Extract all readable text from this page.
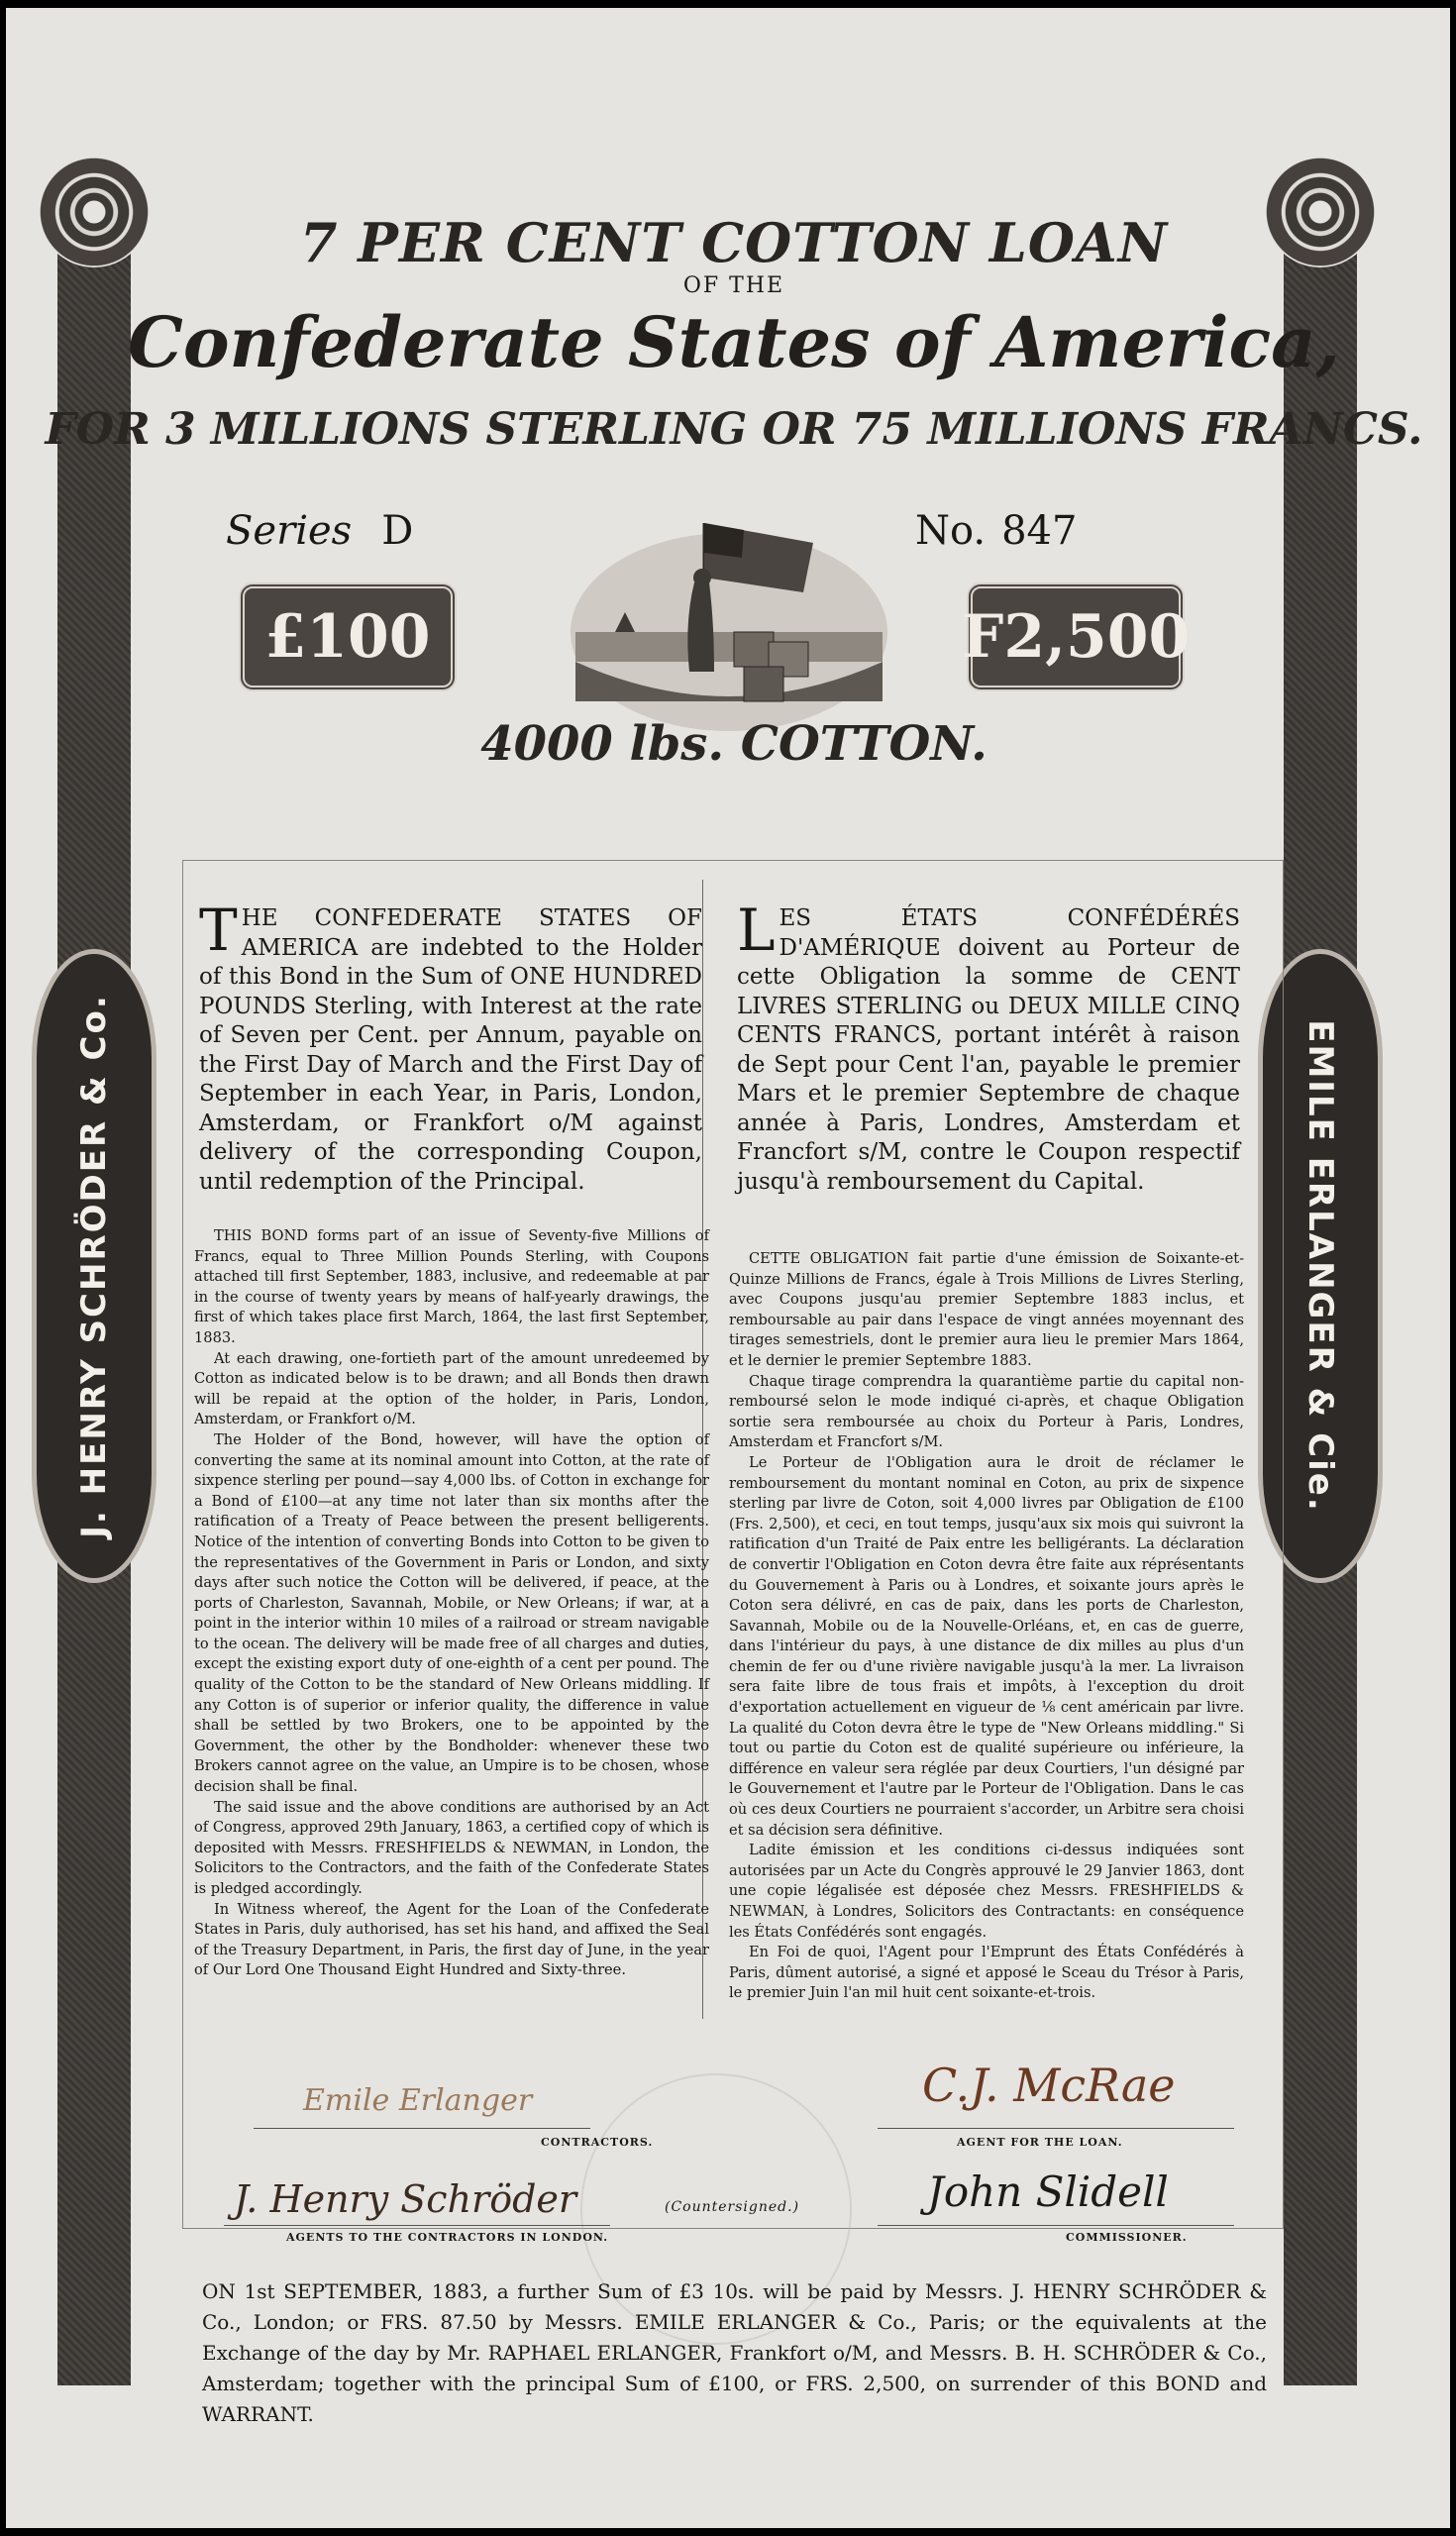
J. HENRY SCHRÖDER & Co.	EMILE ERLANGER & Cie.
7 PER CENT COTTON LOAN
OF THE
Confederate States of America,
FOR 3 MILLIONS STERLING OR 75 MILLIONS FRANCS.
Series D	No. 847
£100	F2,500
4000 lbs. COTTON.
THE CONFEDERATE STATES OF AMERICA are indebted to the Holder of this Bond in the Sum of ONE HUNDRED POUNDS Sterling, with Interest at the rate of Seven per Cent. per Annum, payable on the First Day of March and the First Day of September in each Year, in Paris, London, Amsterdam, or Frankfort o/M against delivery of the corresponding Coupon, until redemption of the Principal.
LES ÉTATS CONFÉDÉRÉS D'AMÉRIQUE doivent au Porteur de cette Obligation la somme de CENT LIVRES STERLING ou DEUX MILLE CINQ CENTS FRANCS, portant intérêt à raison de Sept pour Cent l'an, payable le premier Mars et le premier Septembre de chaque année à Paris, Londres, Amsterdam et Francfort s/M, contre le Coupon respectif jusqu'à remboursement du Capital.

THIS BOND forms part of an issue of Seventy-five Millions of Francs, equal to Three Million Pounds Sterling, with Coupons attached till first September, 1883, inclusive, and redeemable at par in the course of twenty years by means of half-yearly drawings, the first of which takes place first March, 1864, the last first September, 1883.

At each drawing, one-fortieth part of the amount unredeemed by Cotton as indicated below is to be drawn; and all Bonds then drawn will be repaid at the option of the holder, in Paris, London, Amsterdam, or Frankfort o/M.

The Holder of the Bond, however, will have the option of converting the same at its nominal amount into Cotton, at the rate of sixpence sterling per pound—say 4,000 lbs. of Cotton in exchange for a Bond of £100—at any time not later than six months after the ratification of a Treaty of Peace between the present belligerents. Notice of the intention of converting Bonds into Cotton to be given to the representatives of the Government in Paris or London, and sixty days after such notice the Cotton will be delivered, if peace, at the ports of Charleston, Savannah, Mobile, or New Orleans; if war, at a point in the interior within 10 miles of a railroad or stream navigable to the ocean. The delivery will be made free of all charges and duties, except the existing export duty of one-eighth of a cent per pound. The quality of the Cotton to be the standard of New Orleans middling. If any Cotton is of superior or inferior quality, the difference in value shall be settled by two Brokers, one to be appointed by the Government, the other by the Bondholder: whenever these two Brokers cannot agree on the value, an Umpire is to be chosen, whose decision shall be final.

The said issue and the above conditions are authorised by an Act of Congress, approved 29th January, 1863, a certified copy of which is deposited with Messrs. FRESHFIELDS & NEWMAN, in London, the Solicitors to the Contractors, and the faith of the Confederate States is pledged accordingly.

In Witness whereof, the Agent for the Loan of the Confederate States in Paris, duly authorised, has set his hand, and affixed the Seal of the Treasury Department, in Paris, the first day of June, in the year of Our Lord One Thousand Eight Hundred and Sixty-three.

CETTE OBLIGATION fait partie d'une émission de Soixante-et-Quinze Millions de Francs, égale à Trois Millions de Livres Sterling, avec Coupons jusqu'au premier Septembre 1883 inclus, et remboursable au pair dans l'espace de vingt années moyennant des tirages semestriels, dont le premier aura lieu le premier Mars 1864, et le dernier le premier Septembre 1883.

Chaque tirage comprendra la quarantième partie du capital non-remboursé selon le mode indiqué ci-après, et chaque Obligation sortie sera remboursée au choix du Porteur à Paris, Londres, Amsterdam et Francfort s/M.

Le Porteur de l'Obligation aura le droit de réclamer le remboursement du montant nominal en Coton, au prix de sixpence sterling par livre de Coton, soit 4,000 livres par Obligation de £100 (Frs. 2,500), et ceci, en tout temps, jusqu'aux six mois qui suivront la ratification d'un Traité de Paix entre les belligérants. La déclaration de convertir l'Obligation en Coton devra être faite aux réprésentants du Gouvernement à Paris ou à Londres, et soixante jours après le Coton sera délivré, en cas de paix, dans les ports de Charleston, Savannah, Mobile ou de la Nouvelle-Orléans, et, en cas de guerre, dans l'intérieur du pays, à une distance de dix milles au plus d'un chemin de fer ou d'une rivière navigable jusqu'à la mer. La livraison sera faite libre de tous frais et impôts, à l'exception du droit d'exportation actuellement en vigueur de ⅛ cent américain par livre. La qualité du Coton devra être le type de "New Orleans middling." Si tout ou partie du Coton est de qualité supérieure ou inférieure, la différence en valeur sera réglée par deux Courtiers, l'un désigné par le Gouvernement et l'autre par le Porteur de l'Obligation. Dans le cas où ces deux Courtiers ne pourraient s'accorder, un Arbitre sera choisi et sa décision sera définitive.

Ladite émission et les conditions ci-dessus indiquées sont autorisées par un Acte du Congrès approuvé le 29 Janvier 1863, dont une copie légalisée est déposée chez Messrs. FRESHFIELDS & NEWMAN, à Londres, Solicitors des Contractants: en conséquence les États Confédérés sont engagés.

En Foi de quoi, l'Agent pour l'Emprunt des États Confédérés à Paris, dûment autorisé, a signé et apposé le Sceau du Trésor à Paris, le premier Juin l'an mil huit cent soixante-et-trois.

Emile Erlanger
CONTRACTORS.
C.J. McRae
AGENT FOR THE LOAN.
J. Henry Schröder
AGENTS TO THE CONTRACTORS IN LONDON.
(Countersigned.)	John Slidell
COMMISSIONER.
ON 1st SEPTEMBER, 1883, a further Sum of £3 10s. will be paid by Messrs. J. HENRY SCHRÖDER & Co., London; or FRS. 87.50 by Messrs. EMILE ERLANGER & Co., Paris; or the equivalents at the Exchange of the day by Mr. RAPHAEL ERLANGER, Frankfort o/M, and Messrs. B. H. SCHRÖDER & Co., Amsterdam; together with the principal Sum of £100, or FRS. 2,500, on surrender of this BOND and WARRANT.
